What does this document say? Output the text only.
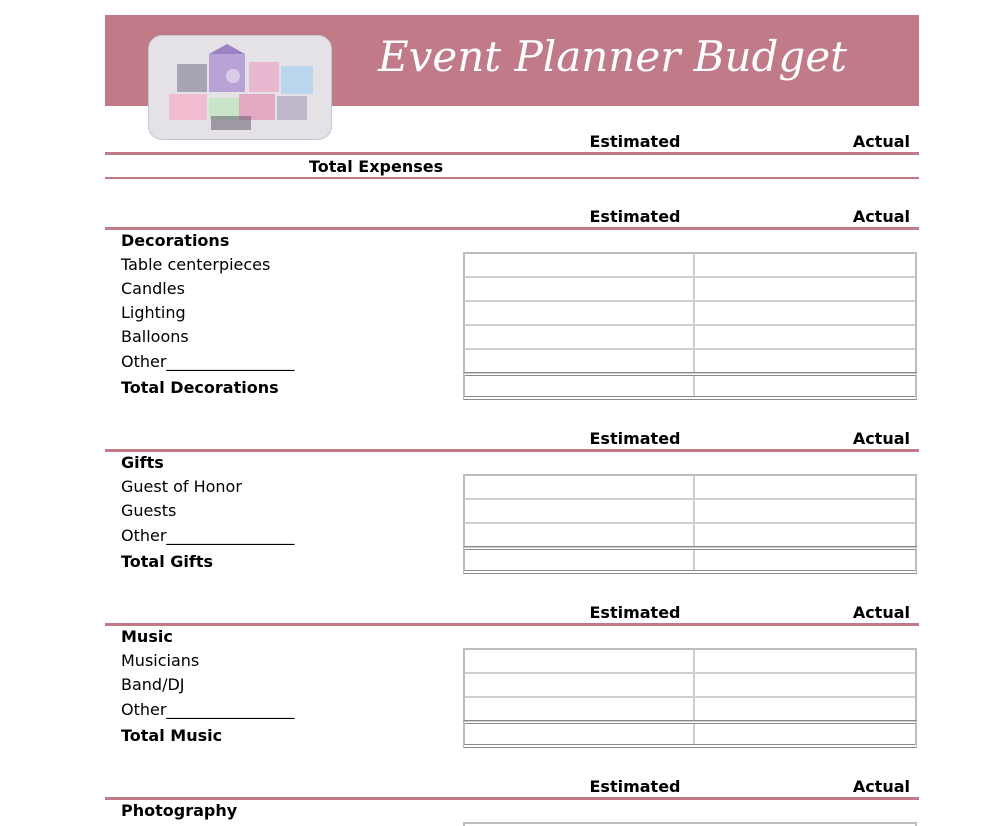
Event Planner Budget
Estimated	Actual
Total Expenses
Estimated	Actual
Decorations
Table centerpieces
Candles
Lighting
Balloons
Other________________
Total Decorations
Estimated	Actual
Gifts
Guest of Honor
Guests
Other________________
Total Gifts
Estimated	Actual
Music
Musicians
Band/DJ
Other________________
Total Music
Estimated	Actual
Photography
